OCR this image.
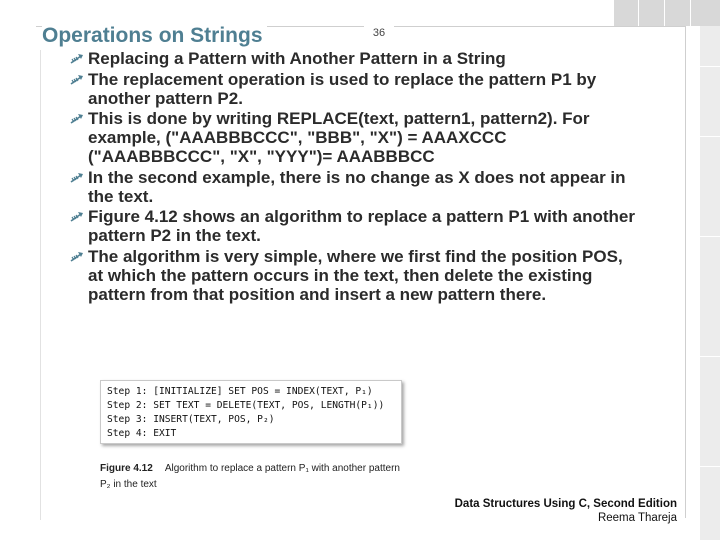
Operations on Strings	36
Replacing a Pattern with Another Pattern in a String
The replacement operation is used to replace the pattern P1 by another pattern P2.
This is done by writing REPLACE(text, pattern1, pattern2). For example, ("AAABBBCCC", "BBB", "X") = AAAXCCC ("AAABBBCCC", "X", "YYY")= AAABBBCC
In the second example, there is no change as X does not appear in the text.
Figure 4.12 shows an algorithm to replace a pattern P1 with another pattern P2 in the text.
The algorithm is very simple, where we first find the position POS, at which the pattern occurs in the text, then delete the existing pattern from that position and insert a new pattern there.
Step 1: [INITIALIZE] SET POS = INDEX(TEXT, P₁)
Step 2: SET TEXT = DELETE(TEXT, POS, LENGTH(P₁))
Step 3: INSERT(TEXT, POS, P₂)
Step 4: EXIT
Figure 4.12 Algorithm to replace a pattern P₁ with another pattern P₂ in the text
Data Structures Using C, Second Edition
Reema Thareja
